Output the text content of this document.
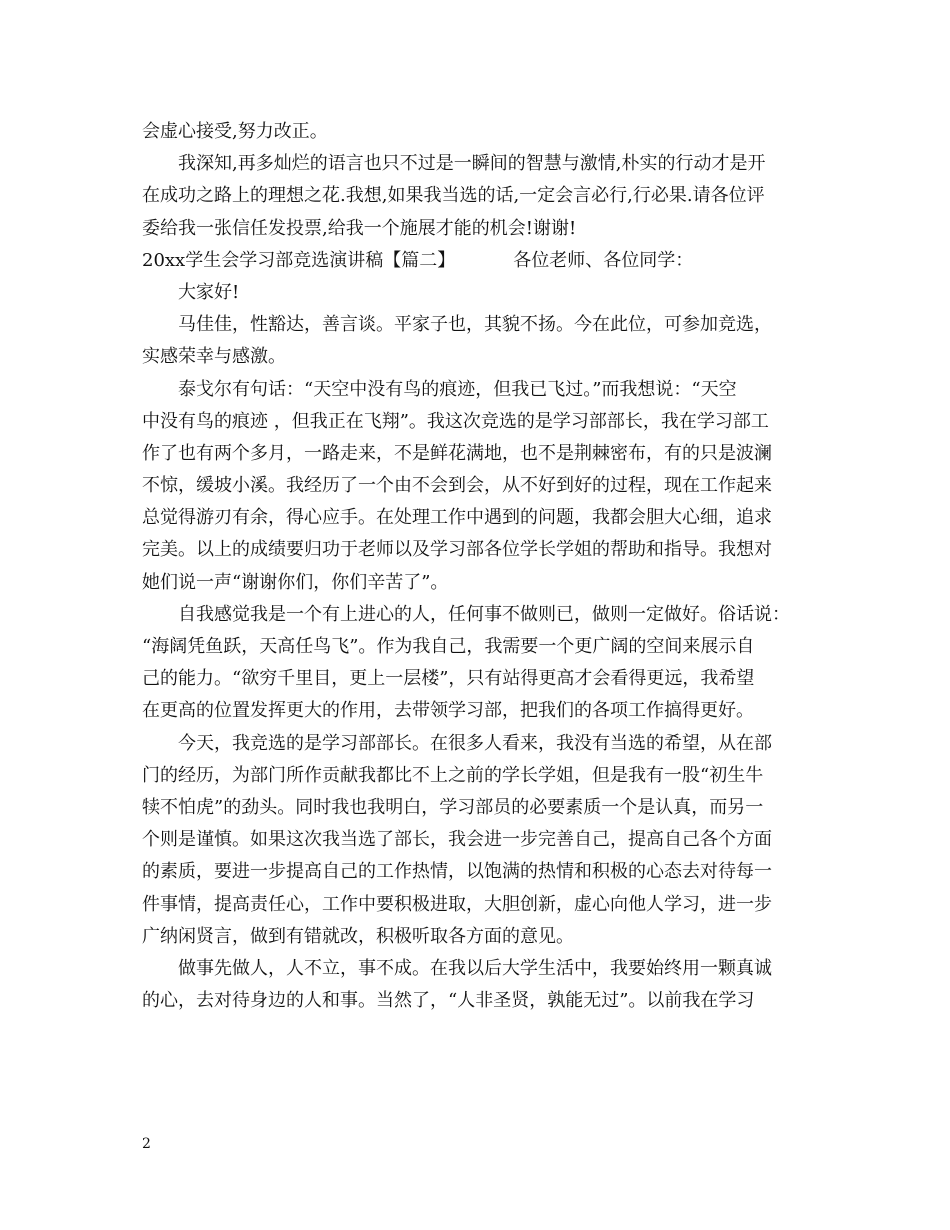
会虚心接受,努力改正。
我深知,再多灿烂的语言也只不过是一瞬间的智慧与激情,朴实的行动才是开
在成功之路上的理想之花.我想,如果我当选的话,一定会言必行,行必果.请各位评
委给我一张信任发投票,给我一个施展才能的机会!谢谢!
20xx学生会学习部竞选演讲稿【篇二】	各位老师、各位同学：
大家好!
马佳佳，性豁达，善言谈。平家子也，其貌不扬。今在此位，可参加竞选，
实感荣幸与感激。
泰戈尔有句话：“天空中没有鸟的痕迹，但我已飞过。”而我想说：“天空
中没有鸟的痕迹 ，但我正在飞翔”。我这次竞选的是学习部部长，我在学习部工
作了也有两个多月，一路走来，不是鲜花满地，也不是荆棘密布，有的只是波澜
不惊，缓坡小溪。我经历了一个由不会到会，从不好到好的过程，现在工作起来
总觉得游刃有余，得心应手。在处理工作中遇到的问题，我都会胆大心细，追求
完美。以上的成绩要归功于老师以及学习部各位学长学姐的帮助和指导。我想对
她们说一声“谢谢你们，你们辛苦了”。
自我感觉我是一个有上进心的人，任何事不做则已，做则一定做好。俗话说：
“海阔凭鱼跃，天高任鸟飞”。作为我自己，我需要一个更广阔的空间来展示自
己的能力。“欲穷千里目，更上一层楼”，只有站得更高才会看得更远，我希望
在更高的位置发挥更大的作用，去带领学习部，把我们的各项工作搞得更好。
今天，我竞选的是学习部部长。在很多人看来，我没有当选的希望，从在部
门的经历，为部门所作贡献我都比不上之前的学长学姐，但是我有一股“初生牛
犊不怕虎”的劲头。同时我也我明白，学习部员的必要素质一个是认真，而另一
个则是谨慎。如果这次我当选了部长，我会进一步完善自己，提高自己各个方面
的素质，要进一步提高自己的工作热情，以饱满的热情和积极的心态去对待每一
件事情，提高责任心，工作中要积极进取，大胆创新，虚心向他人学习，进一步
广纳闲贤言，做到有错就改，积极听取各方面的意见。
做事先做人，人不立，事不成。在我以后大学生活中，我要始终用一颗真诚
的心，去对待身边的人和事。当然了，“人非圣贤，孰能无过”。以前我在学习
2
